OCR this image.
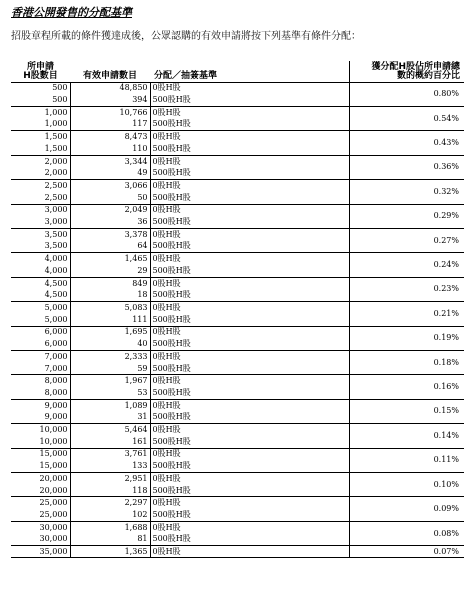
香港公開發售的分配基準
招股章程所載的條件獲達成後，公眾認購的有效申請將按下列基準有條件分配：
所申請
H股數目	有效申請數目	分配／抽簽基準	獲分配H股佔所申請總
數的概約百分比
500	48,850	0股H股	0.80%
500	394	500股H股	
1,000	10,766	0股H股	0.54%
1,000	117	500股H股	
1,500	8,473	0股H股	0.43%
1,500	110	500股H股	
2,000	3,344	0股H股	0.36%
2,000	49	500股H股	
2,500	3,066	0股H股	0.32%
2,500	50	500股H股	
3,000	2,049	0股H股	0.29%
3,000	36	500股H股	
3,500	3,378	0股H股	0.27%
3,500	64	500股H股	
4,000	1,465	0股H股	0.24%
4,000	29	500股H股	
4,500	849	0股H股	0.23%
4,500	18	500股H股	
5,000	5,083	0股H股	0.21%
5,000	111	500股H股	
6,000	1,695	0股H股	0.19%
6,000	40	500股H股	
7,000	2,333	0股H股	0.18%
7,000	59	500股H股	
8,000	1,967	0股H股	0.16%
8,000	53	500股H股	
9,000	1,089	0股H股	0.15%
9,000	31	500股H股	
10,000	5,464	0股H股	0.14%
10,000	161	500股H股	
15,000	3,761	0股H股	0.11%
15,000	133	500股H股	
20,000	2,951	0股H股	0.10%
20,000	118	500股H股	
25,000	2,297	0股H股	0.09%
25,000	102	500股H股	
30,000	1,688	0股H股	0.08%
30,000	81	500股H股	
35,000	1,365	0股H股	0.07%
